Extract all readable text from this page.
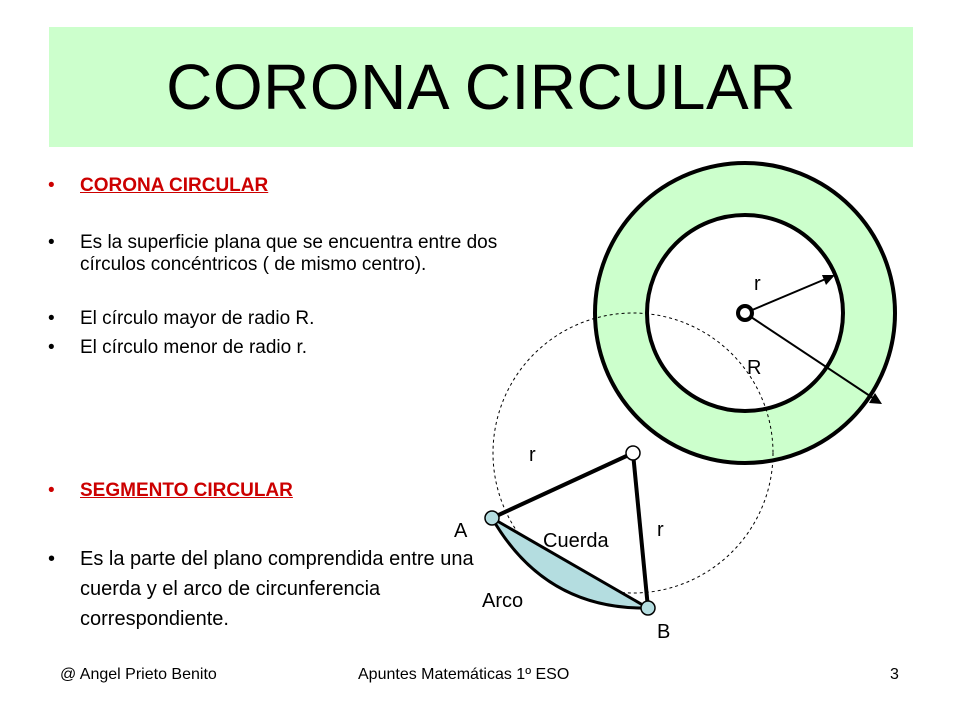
CORONA CIRCULAR
• CORONA CIRCULAR
• Es la superficie plana que se encuentra entre dos círculos concéntricos ( de mismo centro).
• El círculo mayor de radio R.
• El círculo menor de radio r.
• SEGMENTO CIRCULAR
• Es la parte del plano comprendida entre una cuerda y el arco de circunferencia correspondiente.
r
R
r
r
A
B
Cuerda
Arco
@ Angel Prieto Benito	Apuntes Matemáticas 1º ESO	3
